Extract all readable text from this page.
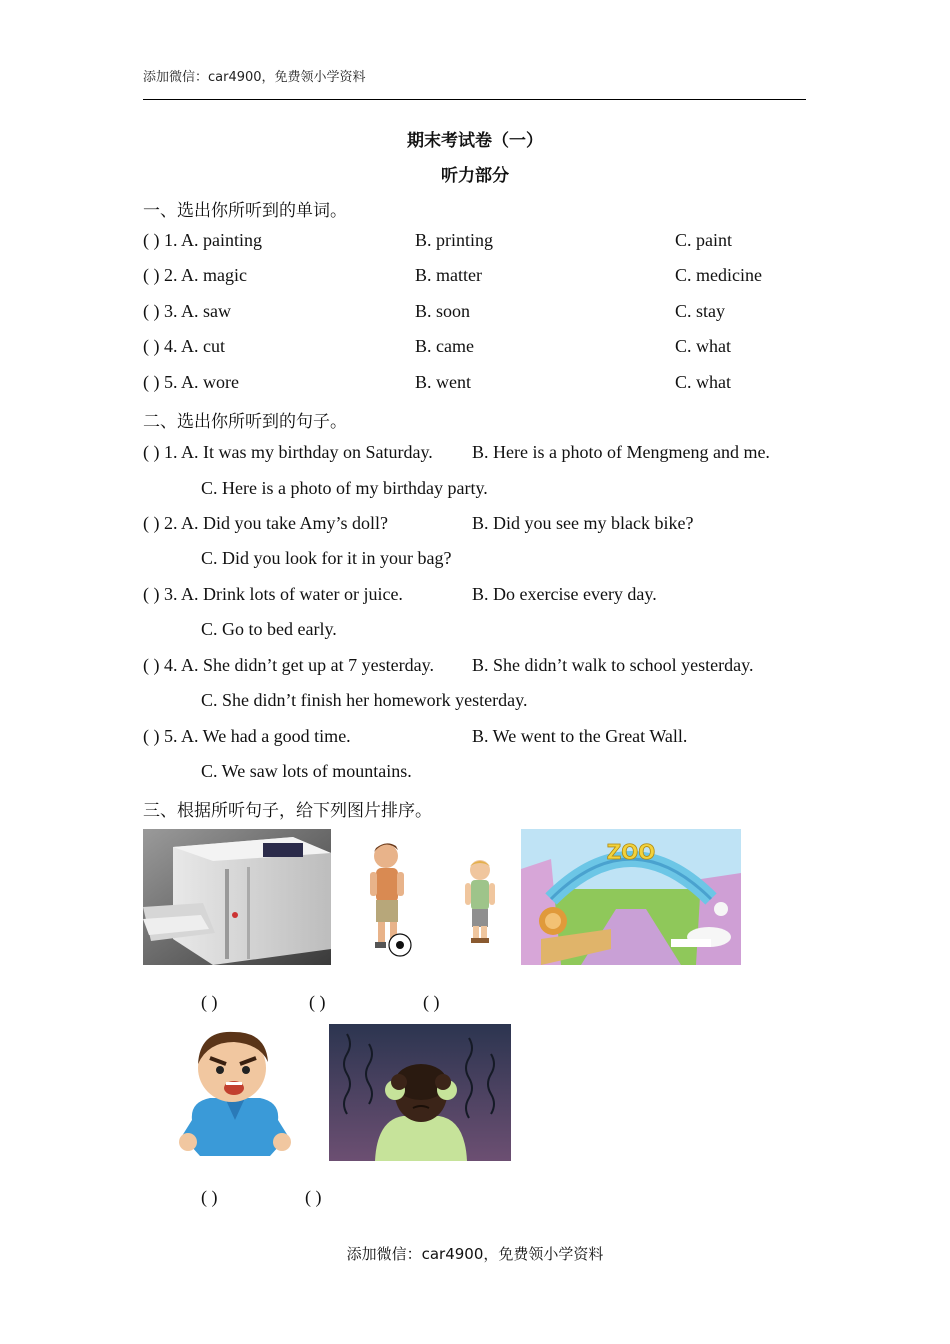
添加微信：car4900，免费领小学资料
期末考试卷（一）
听力部分
一、选出你所听到的单词。
( ) 1. A. painting	B. printing	C. paint
( ) 2. A. magic	B. matter	C. medicine
( ) 3. A. saw	B. soon	C. stay
( ) 4. A. cut	B. came	C. what
( ) 5. A. wore	B. went	C. what
二、选出你所听到的句子。
( ) 1. A. It was my birthday on Saturday. B. Here is a photo of Mengmeng and me.
C. Here is a photo of my birthday party.
( ) 2. A. Did you take Amy’s doll?	B. Did you see my black bike?
C. Did you look for it in your bag?
( ) 3. A. Drink lots of water or juice.	B. Do exercise every day.
C. Go to bed early.
( ) 4. A. She didn’t get up at 7 yesterday. B. She didn’t walk to school yesterday.
C. She didn’t finish her homework yesterday.
( ) 5. A. We had a good time.	B. We went to the Great Wall.
C. We saw lots of mountains.
三、根据所听句子，给下列图片排序。
ZOO
( )	( )	( )
( )	( )
添加微信：car4900，免费领小学资料
